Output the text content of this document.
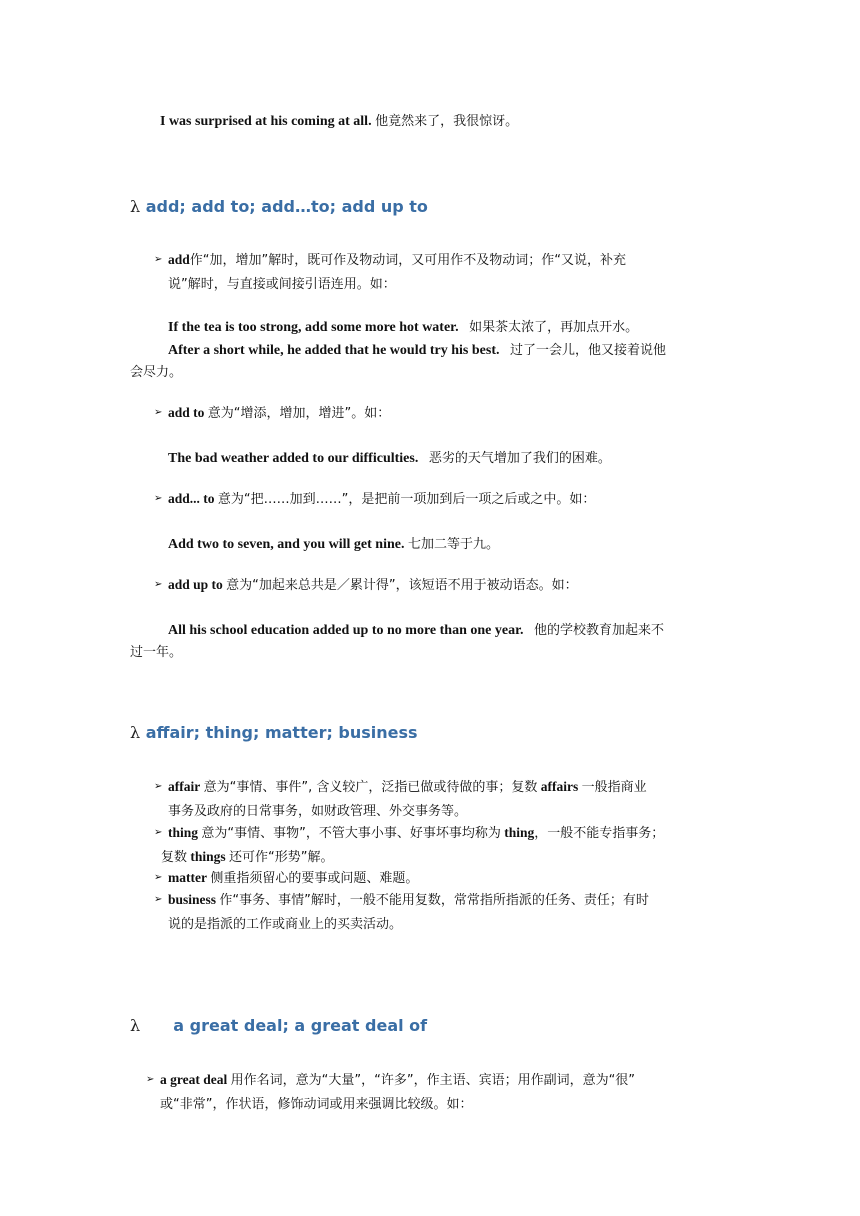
I was surprised at his coming at all. 他竟然来了，我很惊讶。
λ add; add to; add…to; add up to
➢ add作“加，增加”解时，既可作及物动词，又可用作不及物动词；作“又说，补充
说”解时，与直接或间接引语连用。如：
If the tea is too strong, add some more hot water. 如果茶太浓了，再加点开水。
After a short while, he added that he would try his best. 过了一会儿，他又接着说他
会尽力。
➢ add to 意为“增添，增加，增进”。如：
The bad weather added to our difficulties. 恶劣的天气增加了我们的困难。
➢ add... to 意为“把……加到……”，是把前一项加到后一项之后或之中。如：
Add two to seven, and you will get nine. 七加二等于九。
➢ add up to 意为“加起来总共是／累计得”，该短语不用于被动语态。如：
All his school education added up to no more than one year. 他的学校教育加起来不
过一年。
λ affair; thing; matter; business
➢ affair 意为“事情、事件”, 含义较广，泛指已做或待做的事；复数 affairs 一般指商业
事务及政府的日常事务，如财政管理、外交事务等。
➢ thing 意为“事情、事物”，不管大事小事、好事坏事均称为 thing，一般不能专指事务；
复数 things 还可作“形势”解。
➢ matter 侧重指须留心的要事或问题、难题。
➢ business 作“事务、事情”解时，一般不能用复数，常常指所指派的任务、责任；有时
说的是指派的工作或商业上的买卖活动。
λ a great deal; a great deal of
➢ a great deal 用作名词，意为“大量”，“许多”，作主语、宾语；用作副词，意为“很”
或“非常”，作状语，修饰动词或用来强调比较级。如：
